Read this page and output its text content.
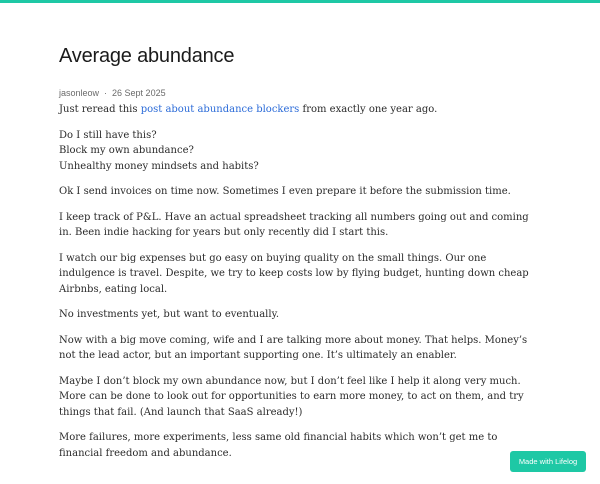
Average abundance
jasonleow · 26 Sept 2025

Just reread this post about abundance blockers from exactly one year ago.

Do I still have this?
Block my own abundance?
Unhealthy money mindsets and habits?

Ok I send invoices on time now. Sometimes I even prepare it before the submission time.

I keep track of P&L. Have an actual spreadsheet tracking all numbers going out and coming in. Been indie hacking for years but only recently did I start this.

I watch our big expenses but go easy on buying quality on the small things. Our one indulgence is travel. Despite, we try to keep costs low by flying budget, hunting down cheap Airbnbs, eating local.

No investments yet, but want to eventually.

Now with a big move coming, wife and I are talking more about money. That helps. Money’s not the lead actor, but an important supporting one. It’s ultimately an enabler.

Maybe I don’t block my own abundance now, but I don’t feel like I help it along very much. More can be done to look out for opportunities to earn more money, to act on them, and try things that fail. (And launch that SaaS already!)

More failures, more experiments, less same old financial habits which won’t get me to financial freedom and abundance.

Made with Lifelog
